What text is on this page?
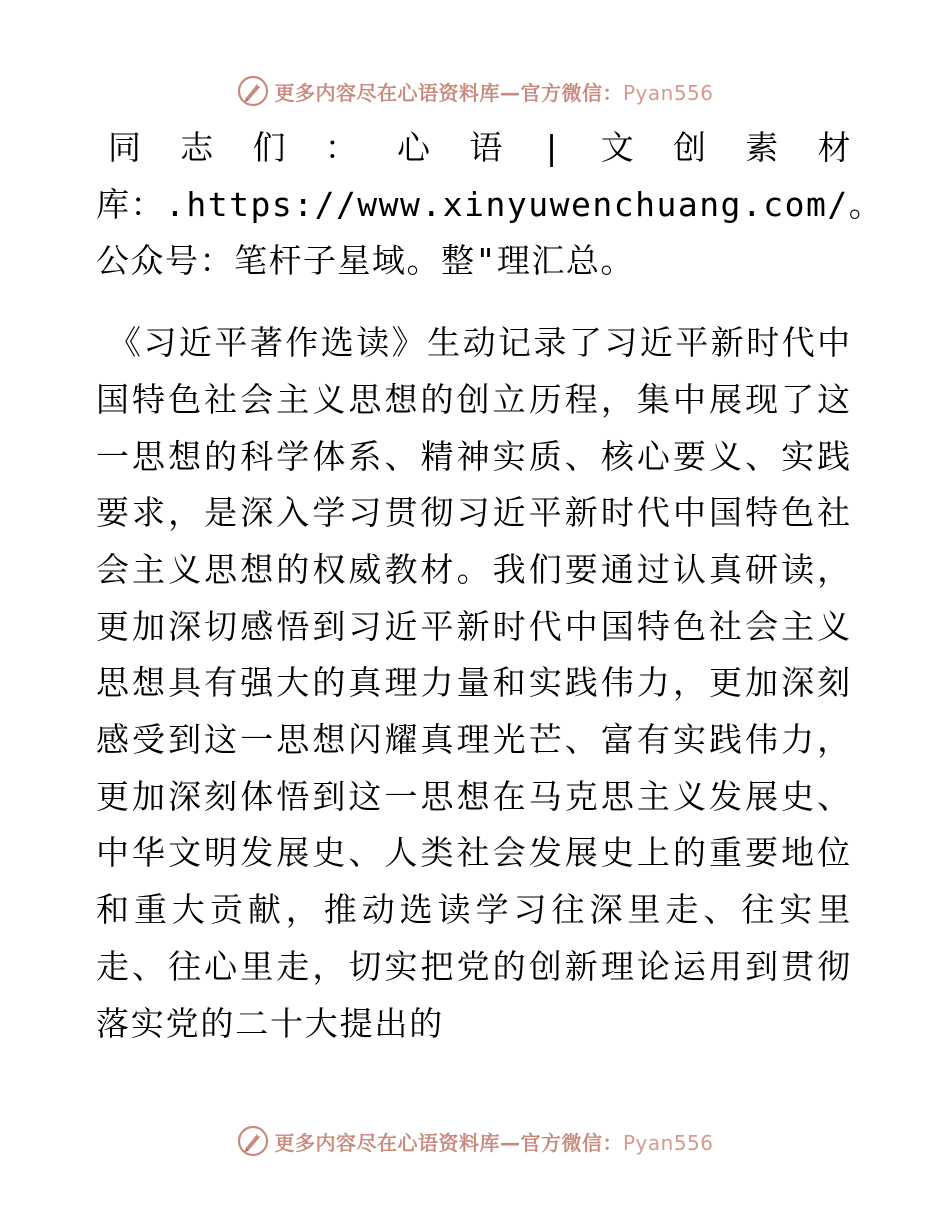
更多内容尽在心语资料库—官方微信：Pyan556

同志们：心语|文创素材库：.https://www.xinyuwenchuang.com/。公众号：笔杆子星域。整"理汇总。

《习近平著作选读》生动记录了习近平新时代中国特色社会主义思想的创立历程，集中展现了这一思想的科学体系、精神实质、核心要义、实践要求，是深入学习贯彻习近平新时代中国特色社会主义思想的权威教材。我们要通过认真研读，更加深切感悟到习近平新时代中国特色社会主义思想具有强大的真理力量和实践伟力，更加深刻感受到这一思想闪耀真理光芒、富有实践伟力，更加深刻体悟到这一思想在马克思主义发展史、中华文明发展史、人类社会发展史上的重要地位和重大贡献，推动选读学习往深里走、往实里走、往心里走，切实把党的创新理论运用到贯彻落实党的二十大提出的

更多内容尽在心语资料库—官方微信：Pyan556
